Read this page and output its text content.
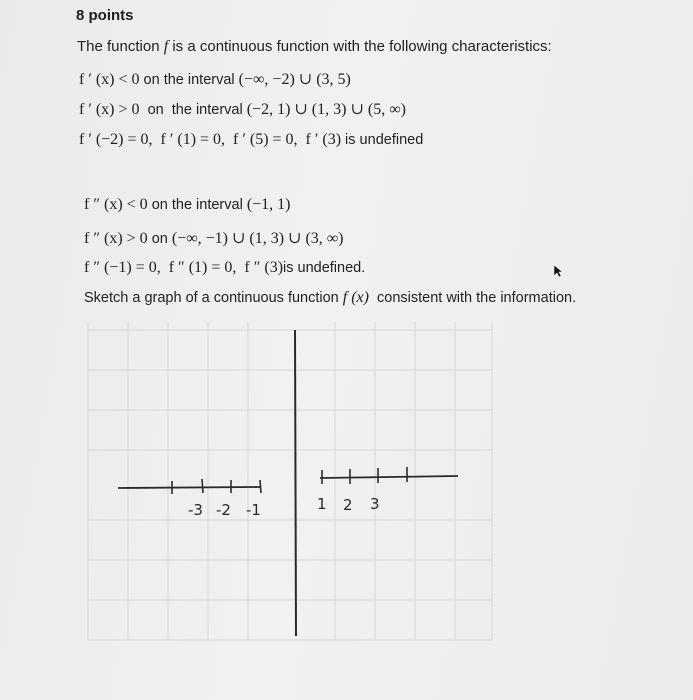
8 points
The function f is a continuous function with the following characteristics:
f ′ (x) < 0 on the interval (−∞, −2) ∪ (3, 5)
f ′ (x) > 0  on  the interval (−2, 1) ∪ (1, 3) ∪ (5, ∞)
f ′ (−2) = 0,  f ′ (1) = 0,  f ′ (5) = 0,  f ′ (3) is undefined
f ″ (x) < 0 on the interval (−1, 1)
f ″ (x) > 0 on (−∞, −1) ∪ (1, 3) ∪ (3, ∞)
f ″ (−1) = 0,  f ″ (1) = 0,  f ″ (3)is undefined.
Sketch a graph of a continuous function f (x)  consistent with the information.
-3 -2 -1	1 2 3
